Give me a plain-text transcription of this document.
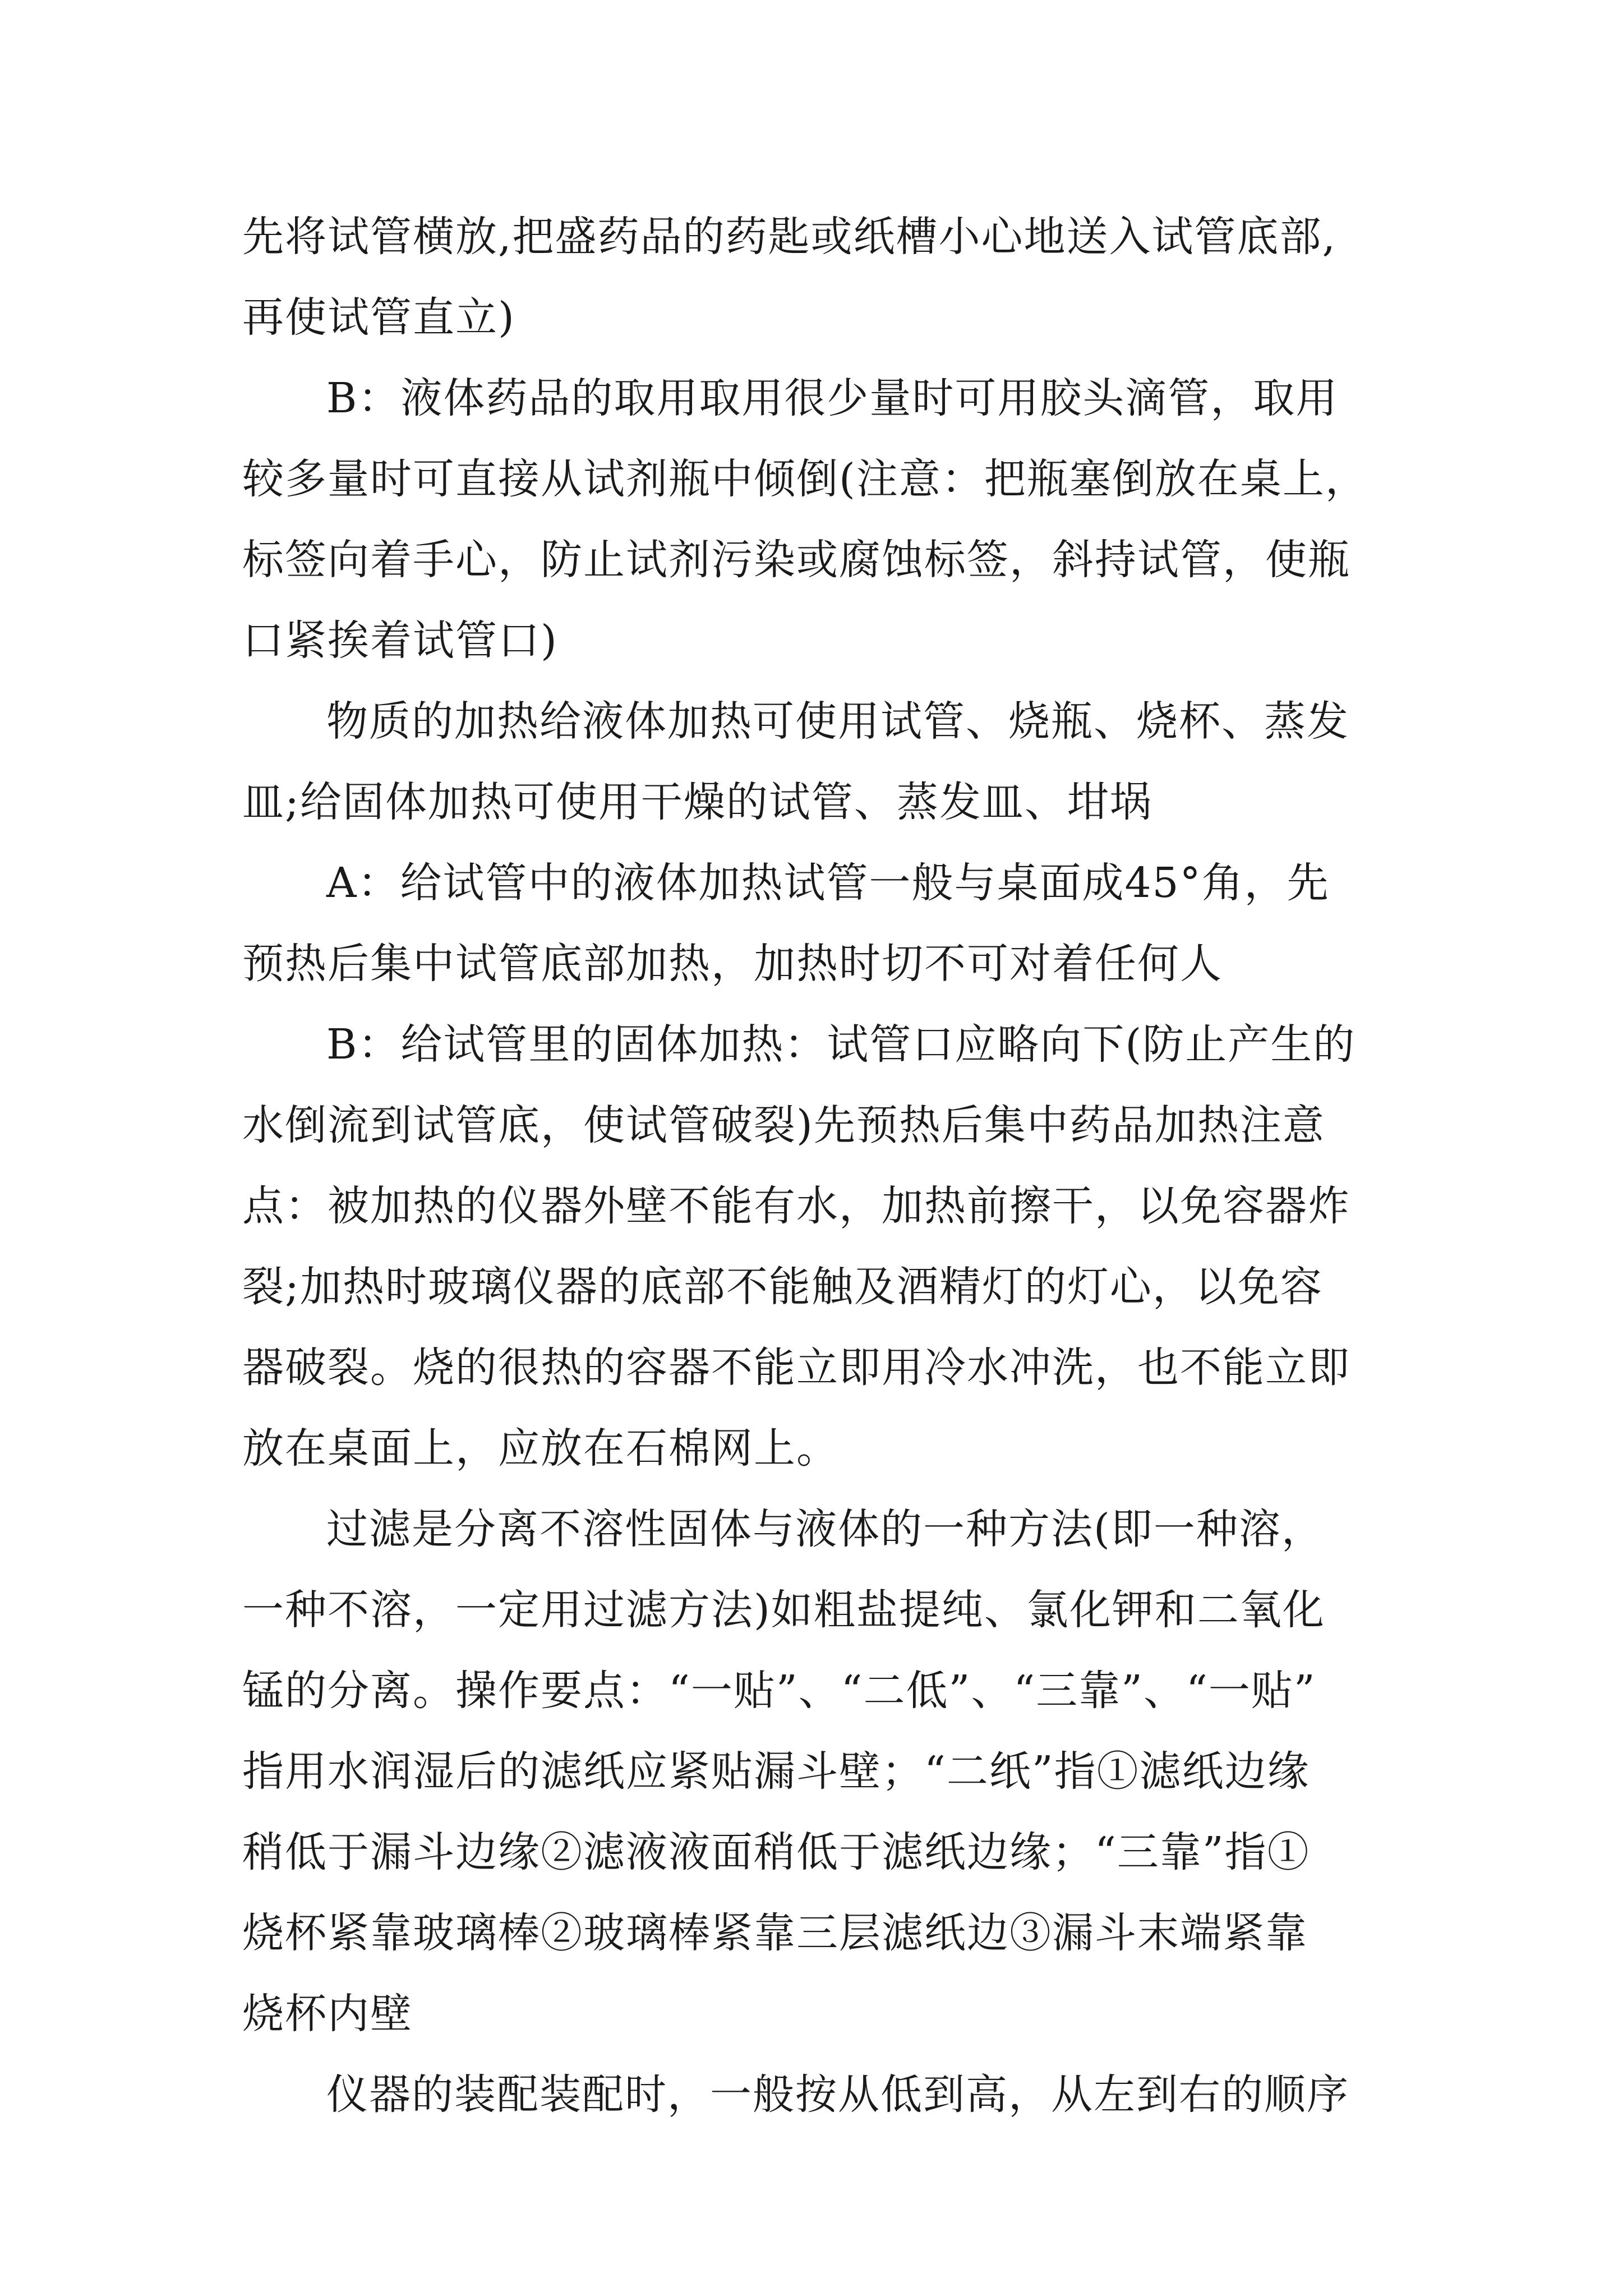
先将试管横放,把盛药品的药匙或纸槽小心地送入试管底部,
再使试管直立)
B：液体药品的取用取用很少量时可用胶头滴管，取用
较多量时可直接从试剂瓶中倾倒(注意：把瓶塞倒放在桌上，
标签向着手心，防止试剂污染或腐蚀标签，斜持试管，使瓶
口紧挨着试管口)
物质的加热给液体加热可使用试管、烧瓶、烧杯、蒸发
皿;给固体加热可使用干燥的试管、蒸发皿、坩埚
A：给试管中的液体加热试管一般与桌面成45°角，先
预热后集中试管底部加热，加热时切不可对着任何人
B：给试管里的固体加热：试管口应略向下(防止产生的
水倒流到试管底，使试管破裂)先预热后集中药品加热注意
点：被加热的仪器外壁不能有水，加热前擦干，以免容器炸
裂;加热时玻璃仪器的底部不能触及酒精灯的灯心，以免容
器破裂。烧的很热的容器不能立即用冷水冲洗，也不能立即
放在桌面上，应放在石棉网上。
过滤是分离不溶性固体与液体的一种方法(即一种溶，
一种不溶，一定用过滤方法)如粗盐提纯、氯化钾和二氧化
锰的分离。操作要点：“一贴”、“二低”、“三靠”、“一贴”
指用水润湿后的滤纸应紧贴漏斗壁；“二纸”指①滤纸边缘
稍低于漏斗边缘②滤液液面稍低于滤纸边缘；“三靠”指①
烧杯紧靠玻璃棒②玻璃棒紧靠三层滤纸边③漏斗末端紧靠
烧杯内壁
仪器的装配装配时，一般按从低到高，从左到右的顺序
